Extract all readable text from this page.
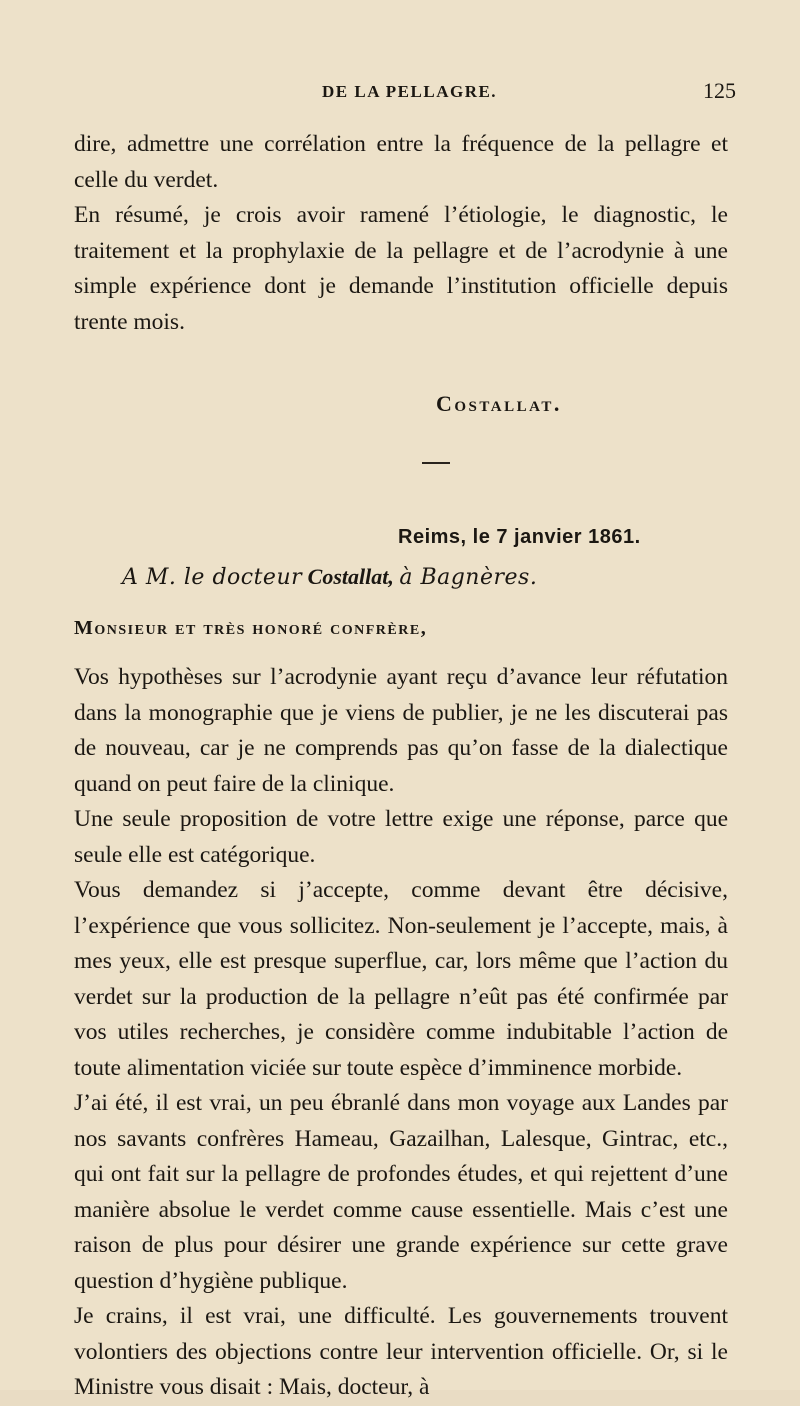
DE LA PELLAGRE.	125

dire, admettre une corrélation entre la fréquence de la pellagre et celle du verdet.

En résumé, je crois avoir ramené l’étiologie, le diagnostic, le traitement et la prophylaxie de la pellagre et de l’acrodynie à une simple expérience dont je demande l’institution officielle depuis trente mois.

Costallat.
Reims, le 7 janvier 1861.
A M. le docteur Costallat, à Bagnères.
Monsieur et très honoré confrère,

Vos hypothèses sur l’acrodynie ayant reçu d’avance leur réfutation dans la monographie que je viens de publier, je ne les discuterai pas de nouveau, car je ne comprends pas qu’on fasse de la dialectique quand on peut faire de la clinique.

Une seule proposition de votre lettre exige une réponse, parce que seule elle est catégorique.

Vous demandez si j’accepte, comme devant être décisive, l’expérience que vous sollicitez. Non-seulement je l’accepte, mais, à mes yeux, elle est presque superflue, car, lors même que l’action du verdet sur la production de la pellagre n’eût pas été confirmée par vos utiles recherches, je considère comme indubitable l’action de toute alimentation viciée sur toute espèce d’imminence morbide.

J’ai été, il est vrai, un peu ébranlé dans mon voyage aux Landes par nos savants confrères Hameau, Gazailhan, Lalesque, Gintrac, etc., qui ont fait sur la pellagre de profondes études, et qui rejettent d’une manière absolue le verdet comme cause essentielle. Mais c’est une raison de plus pour désirer une grande expérience sur cette grave question d’hygiène publique.

Je crains, il est vrai, une difficulté. Les gouvernements trouvent volontiers des objections contre leur intervention officielle. Or, si le Ministre vous disait : Mais, docteur, à
